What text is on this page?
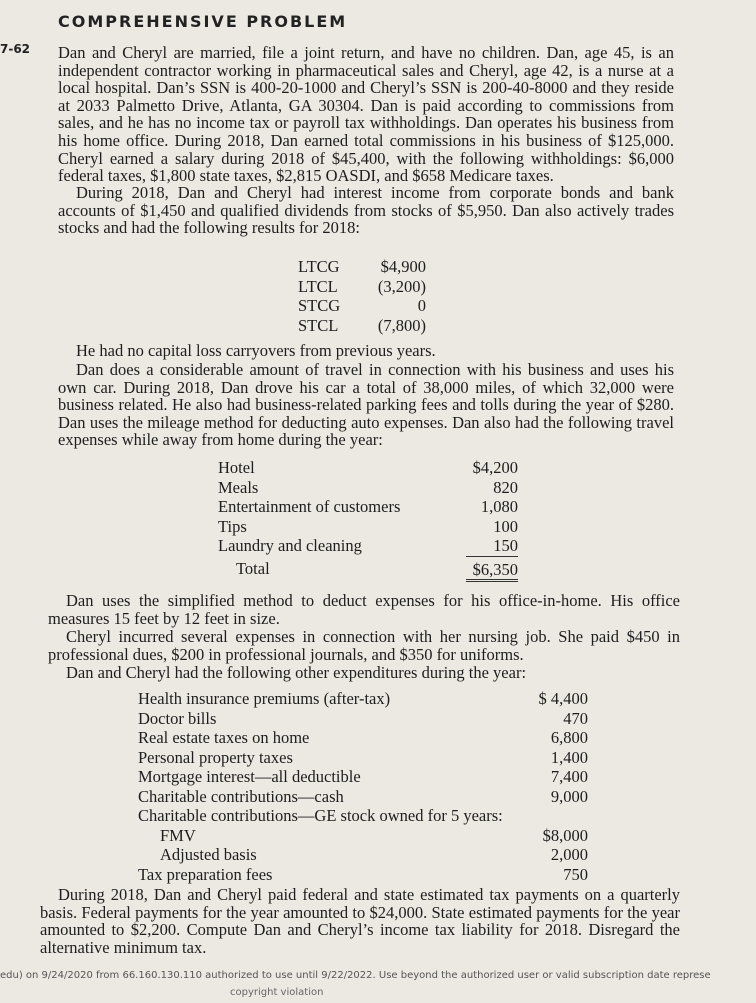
COMPREHENSIVE PROBLEM
7-62 Dan and Cheryl are married, file a joint return, and have no children. Dan, age 45, is an independent contractor working in pharmaceutical sales and Cheryl, age 42, is a nurse at a local hospital. Dan’s SSN is 400-20-1000 and Cheryl’s SSN is 200-40-8000 and they reside at 2033 Palmetto Drive, Atlanta, GA 30304. Dan is paid according to commissions from sales, and he has no income tax or payroll tax withholdings. Dan operates his business from his home office. During 2018, Dan earned total commissions in his business of $125,000. Cheryl earned a salary during 2018 of $45,400, with the following withholdings: $6,000 federal taxes, $1,800 state taxes, $2,815 OASDI, and $658 Medicare taxes.

During 2018, Dan and Cheryl had interest income from corporate bonds and bank accounts of $1,450 and qualified dividends from stocks of $5,950. Dan also actively trades stocks and had the following results for 2018:

LTCG	$4,900
LTCL	(3,200)
STCG	0
STCL	(7,800)

He had no capital loss carryovers from previous years.

Dan does a considerable amount of travel in connection with his business and uses his own car. During 2018, Dan drove his car a total of 38,000 miles, of which 32,000 were business related. He also had business-related parking fees and tolls during the year of $280. Dan uses the mileage method for deducting auto expenses. Dan also had the following travel expenses while away from home during the year:

Hotel	$4,200
Meals	820
Entertainment of customers	1,080
Tips	100
Laundry and cleaning	150
Total	$6,350

Dan uses the simplified method to deduct expenses for his office-in-home. His office measures 15 feet by 12 feet in size.

Cheryl incurred several expenses in connection with her nursing job. She paid $450 in professional dues, $200 in professional journals, and $350 for uniforms.

Dan and Cheryl had the following other expenditures during the year:

Health insurance premiums (after-tax)	$ 4,400
Doctor bills	470
Real estate taxes on home	6,800
Personal property taxes	1,400
Mortgage interest—all deductible	7,400
Charitable contributions—cash	9,000
Charitable contributions—GE stock owned for 5 years:	
FMV	$8,000
Adjusted basis	2,000
Tax preparation fees	750

During 2018, Dan and Cheryl paid federal and state estimated tax payments on a quarterly basis. Federal payments for the year amounted to $24,000. State estimated payments for the year amounted to $2,200. Compute Dan and Cheryl’s income tax liability for 2018. Disregard the alternative minimum tax.

edu) on 9/24/2020 from 66.160.130.110 authorized to use until 9/22/2022. Use beyond the authorized user or valid subscription date represe
copyright violation
